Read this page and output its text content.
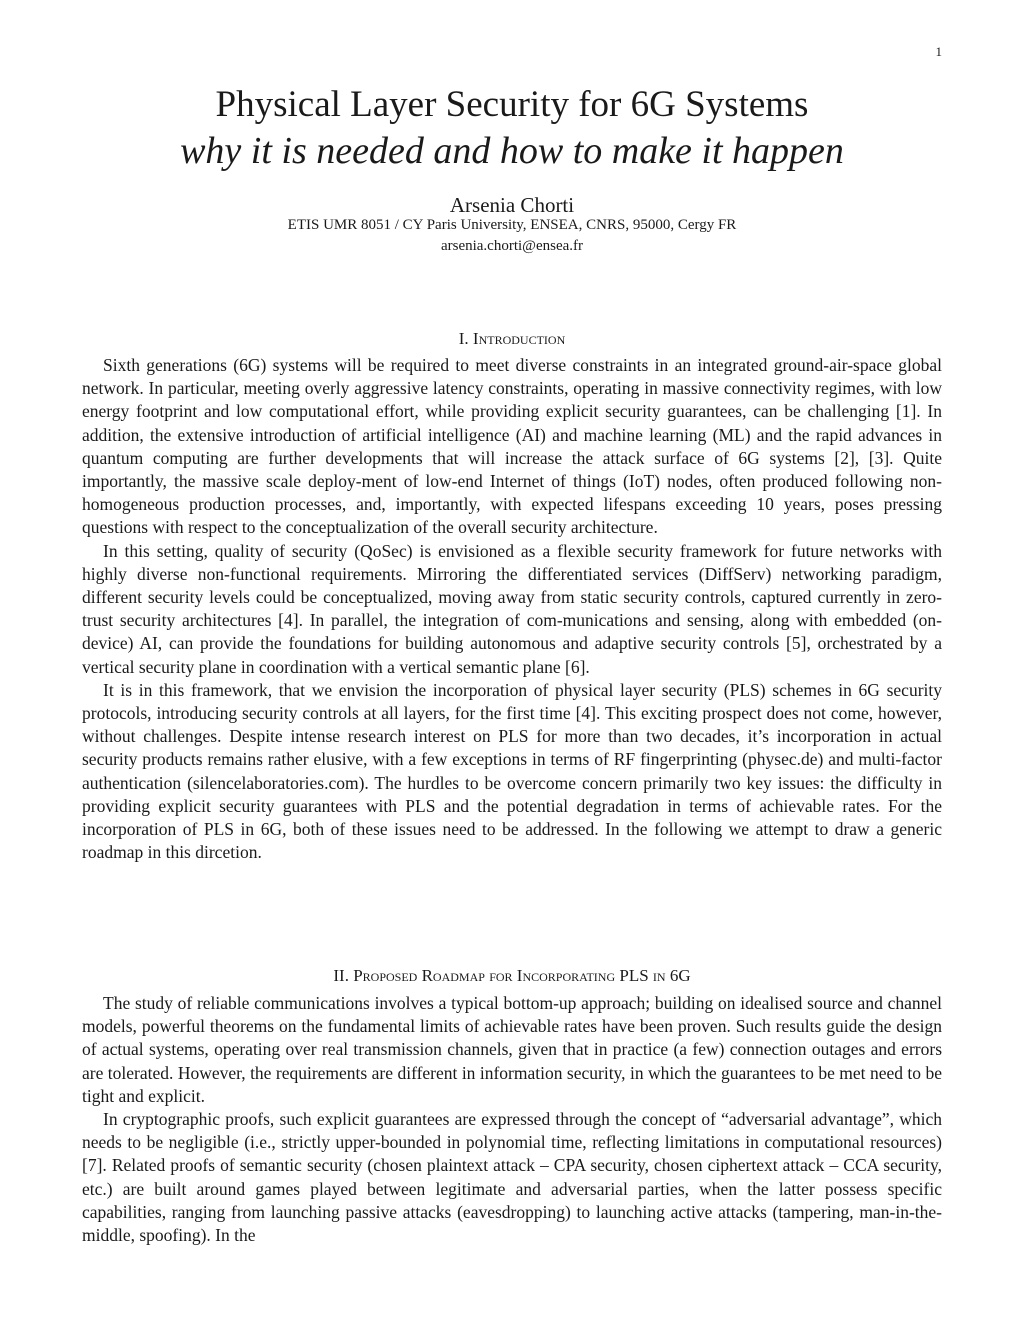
1
Physical Layer Security for 6G Systems
why it is needed and how to make it happen
Arsenia Chorti
ETIS UMR 8051 / CY Paris University, ENSEA, CNRS, 95000, Cergy FR
arsenia.chorti@ensea.fr
I. Introduction

Sixth generations (6G) systems will be required to meet diverse constraints in an integrated ground-air-space global network. In particular, meeting overly aggressive latency constraints, operating in massive connectivity regimes, with low energy footprint and low computational effort, while providing explicit security guarantees, can be challenging [1]. In addition, the extensive introduction of artificial intelligence (AI) and machine learning (ML) and the rapid advances in quantum computing are further developments that will increase the attack surface of 6G systems [2], [3]. Quite importantly, the massive scale deploy-ment of low-end Internet of things (IoT) nodes, often produced following non-homogeneous production processes, and, importantly, with expected lifespans exceeding 10 years, poses pressing questions with respect to the conceptualization of the overall security architecture.

In this setting, quality of security (QoSec) is envisioned as a flexible security framework for future networks with highly diverse non-functional requirements. Mirroring the differentiated services (DiffServ) networking paradigm, different security levels could be conceptualized, moving away from static security controls, captured currently in zero-trust security architectures [4]. In parallel, the integration of com-munications and sensing, along with embedded (on-device) AI, can provide the foundations for building autonomous and adaptive security controls [5], orchestrated by a vertical security plane in coordination with a vertical semantic plane [6].

It is in this framework, that we envision the incorporation of physical layer security (PLS) schemes in 6G security protocols, introducing security controls at all layers, for the first time [4]. This exciting prospect does not come, however, without challenges. Despite intense research interest on PLS for more than two decades, it’s incorporation in actual security products remains rather elusive, with a few exceptions in terms of RF fingerprinting (physec.de) and multi-factor authentication (silencelaboratories.com). The hurdles to be overcome concern primarily two key issues: the difficulty in providing explicit security guarantees with PLS and the potential degradation in terms of achievable rates. For the incorporation of PLS in 6G, both of these issues need to be addressed. In the following we attempt to draw a generic roadmap in this dircetion.

II. Proposed Roadmap for Incorporating PLS in 6G

The study of reliable communications involves a typical bottom-up approach; building on idealised source and channel models, powerful theorems on the fundamental limits of achievable rates have been proven. Such results guide the design of actual systems, operating over real transmission channels, given that in practice (a few) connection outages and errors are tolerated. However, the requirements are different in information security, in which the guarantees to be met need to be tight and explicit.

In cryptographic proofs, such explicit guarantees are expressed through the concept of “adversarial advantage”, which needs to be negligible (i.e., strictly upper-bounded in polynomial time, reflecting limitations in computational resources) [7]. Related proofs of semantic security (chosen plaintext attack – CPA security, chosen ciphertext attack – CCA security, etc.) are built around games played between legitimate and adversarial parties, when the latter possess specific capabilities, ranging from launching passive attacks (eavesdropping) to launching active attacks (tampering, man-in-the-middle, spoofing). In the
